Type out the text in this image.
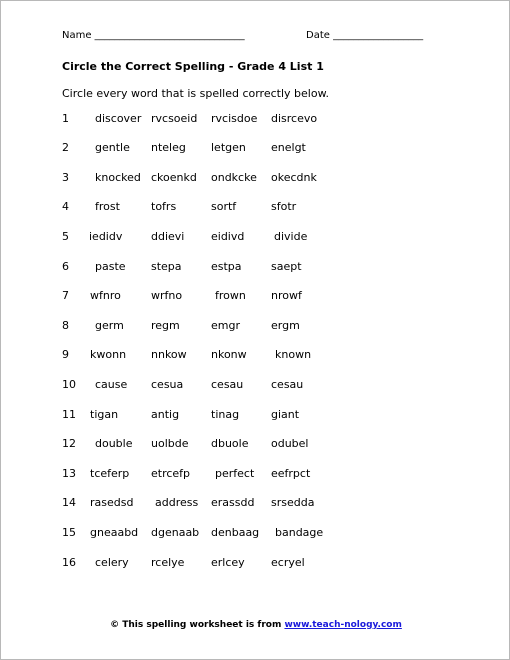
Name ______________________________	Date __________________
Circle the Correct Spelling - Grade 4 List 1
Circle every word that is spelled correctly below.
1 discover rvcsoeid rvcisdoe disrcevo
2 gentle nteleg letgen enelgt
3 knocked ckoenkd ondkcke okecdnk
4 frost	tofrs	sortf	sfotr
5 iedidv	ddievi eidivd	divide
6 paste stepa	estpa	saept
7 wfnro	wrfno	frown nrowf
8 germ regm	emgr	ergm
9 kwonn nnkow nkonw	known
10 cause cesua	cesau	cesau
11 tigan	antig	tinag	giant
12 double uolbde dbuole odubel
13 tceferp etrcefp perfect eefrpct
14 rasedsd address erassdd srsedda
15 gneaabd dgenaab denbaag bandage
16 celery rcelye erlcey ecryel
© This spelling worksheet is from www.teach-nology.com
